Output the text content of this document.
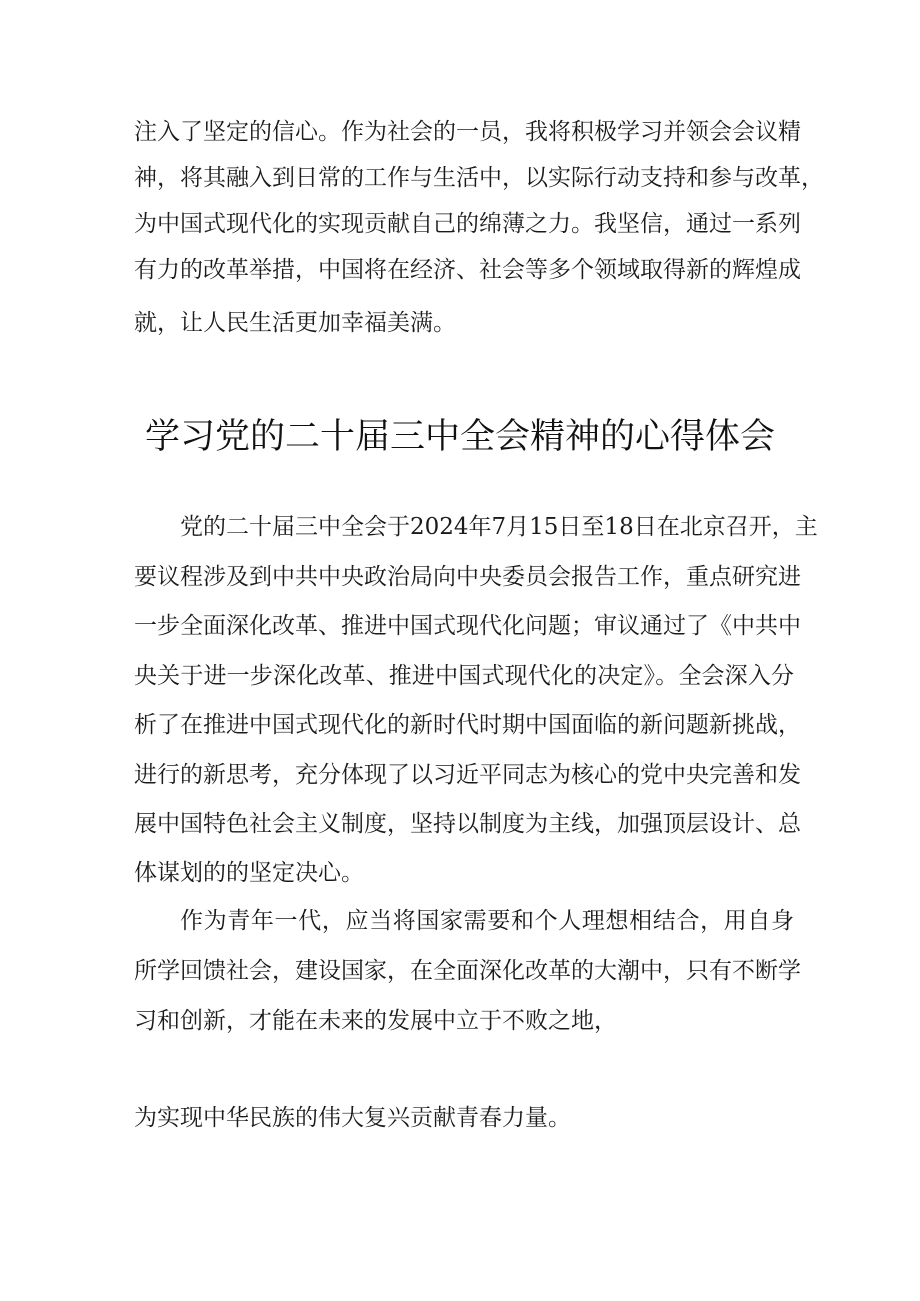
注入了坚定的信心。作为社会的一员，我将积极学习并领会会议精
神，将其融入到日常的工作与生活中，以实际行动支持和参与改革，
为中国式现代化的实现贡献自己的绵薄之力。我坚信，通过一系列
有力的改革举措，中国将在经济、社会等多个领域取得新的辉煌成
就，让人民生活更加幸福美满。
学习党的二十届三中全会精神的心得体会
党的二十届三中全会于2024年7月15日至18日在北京召开，主
要议程涉及到中共中央政治局向中央委员会报告工作，重点研究进
一步全面深化改革、推进中国式现代化问题；审议通过了《中共中
央关于进一步深化改革、推进中国式现代化的决定》。全会深入分
析了在推进中国式现代化的新时代时期中国面临的新问题新挑战，
进行的新思考，充分体现了以习近平同志为核心的党中央完善和发
展中国特色社会主义制度，坚持以制度为主线，加强顶层设计、总
体谋划的的坚定决心。
作为青年一代，应当将国家需要和个人理想相结合，用自身
所学回馈社会，建设国家，在全面深化改革的大潮中，只有不断学
习和创新，才能在未来的发展中立于不败之地，
为实现中华民族的伟大复兴贡献青春力量。
